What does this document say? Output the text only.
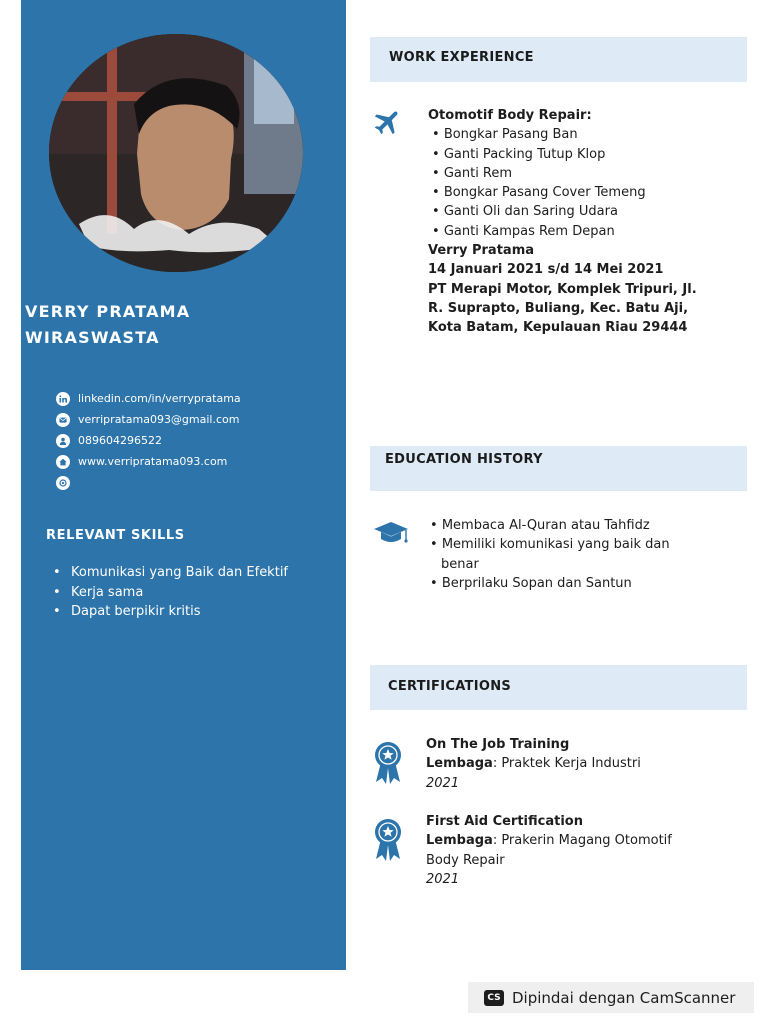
VERRY PRATAMA
WIRASWASTA
linkedin.com/in/verrypratama
verripratama093@gmail.com
089604296522
www.verripratama093.com
RELEVANT SKILLS
• Komunikasi yang Baik dan Efektif
• Kerja sama
• Dapat berpikir kritis
WORK EXPERIENCE
Otomotif Body Repair:
• Bongkar Pasang Ban
• Ganti Packing Tutup Klop
• Ganti Rem
• Bongkar Pasang Cover Temeng
• Ganti Oli dan Saring Udara
• Ganti Kampas Rem Depan
Verry Pratama
14 Januari 2021 s/d 14 Mei 2021
PT Merapi Motor, Komplek Tripuri, Jl.
R. Suprapto, Buliang, Kec. Batu Aji,
Kota Batam, Kepulauan Riau 29444
EDUCATION HISTORY
• Membaca Al-Quran atau Tahfidz
• Memiliki komunikasi yang baik dan
benar
• Berprilaku Sopan dan Santun
CERTIFICATIONS
On The Job Training
Lembaga: Praktek Kerja Industri
2021
First Aid Certification
Lembaga: Prakerin Magang Otomotif
Body Repair
2021
CS Dipindai dengan CamScanner
